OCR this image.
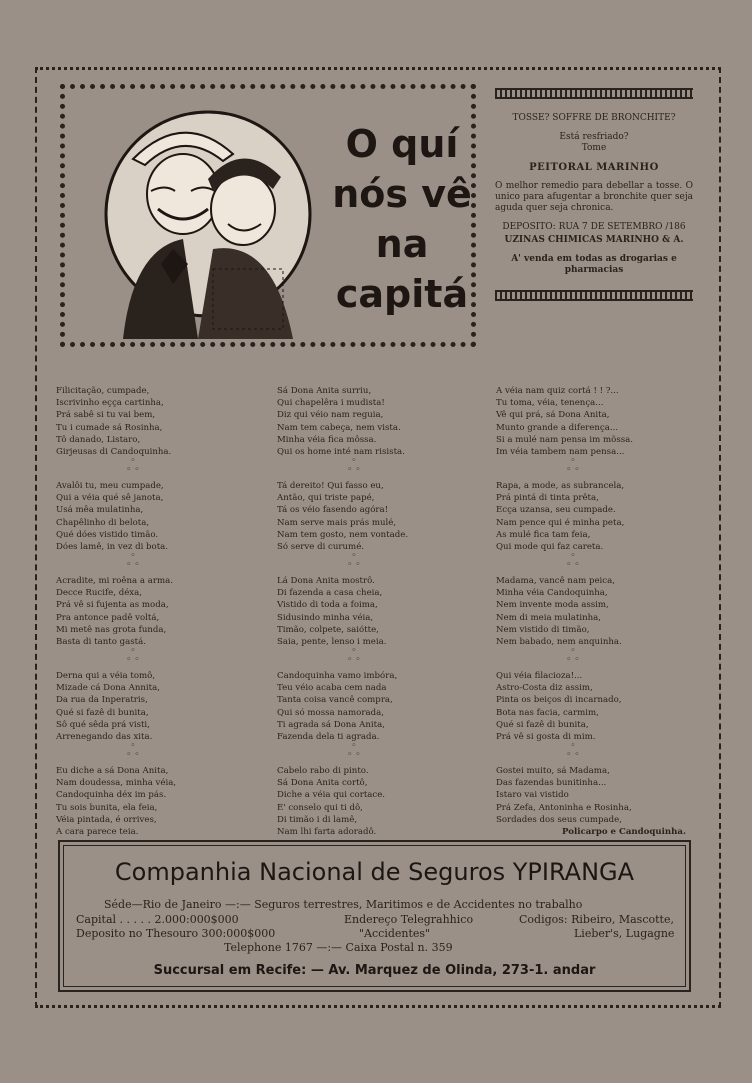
O quí
nós vê
na
capitá

TOSSE? SOFFRE DE BRONCHITE?

Está resfriado?

Tome

PEITORAL MARINHO

O melhor remedio para debellar a tosse. O unico para afugentar a bronchite quer seja aguda quer seja chronica.

DEPOSITO: RUA 7 DE SETEMBRO /186

UZINAS CHIMICAS MARINHO & A.

A' venda em todas as drogarias e pharmacias

Filicitação, cumpade,
Iscrivinho eçça cartinha,
Prá sabê si tu vai bem,
Tu i cumade sá Rosinha,
Tô danado, Listaro,
Girjeusas di Candoquinha.
◦
◦ ◦
Avalôi tu, meu cumpade,
Qui a véia qué sê janota,
Usá mêa mulatinha,
Chapêlinho di belota,
Qué dóes vistido timão.
Dóes lamê, in vez di bota.
◦
◦ ◦
Acradite, mi roêna a arma.
Decce Rucife, déxa,
Prá vê si fujenta as moda,
Pra antonce padê voltá,
Mi metê nas grota funda,
Basta di tanto gastá.
◦
◦ ◦
Derna qui a véia tomô,
Mizade cá Dona Annita,
Da rua da Inperatris,
Qué si fazê di bunita,
Sô qué sêda prá visti,
Arrenegando das xita.
◦
◦ ◦
Eu diche a sá Dona Anita,
Nam doudessa, minha véia,
Candoquinha déx im pás.
Tu sois bunita, ela feia,
Véia pintada, é orrives,
A cara parece teia.
Sá Dona Anita surriu,
Qui chapelêra i mudista!
Diz qui véio nam reguia,
Nam tem cabeça, nem vista.
Minha véia fica môssa.
Qui os home inté nam risista.
◦
◦ ◦
Tá dereito! Qui fasso eu,
Antão, qui triste papé,
Tá os véio fasendo agóra!
Nam serve mais prás mulé,
Nam tem gosto, nem vontade.
Só serve di curumé.
◦
◦ ◦
Lá Dona Anita mostrô.
Di fazenda a casa cheia,
Vistido di toda a foima,
Sidusindo minha véia,
Timão, colpete, saiótte,
Saia, pente, lenso i meia.
◦
◦ ◦
Candoquinha vamo imbóra,
Teu véio acaba cem nada
Tanta coisa vancê compra,
Qui só mossa namorada,
Ti agrada sá Dona Anita,
Fazenda dela ti agrada.
◦
◦ ◦
Cabelo rabo di pinto.
Sá Dona Anita cortô,
Diche a véia qui cortace.
E' conselo qui ti dô,
Di timão i di lamê,
Nam lhi farta adoradô.
A véia nam quiz cortá ! ! ?...
Tu toma, véia, tenença...
Vê qui prá, sá Dona Anita,
Munto grande a diferença...
Si a mulé nam pensa im mõssa.
Im véia tambem nam pensa...
◦
◦ ◦
Rapa, a mode, as subrancela,
Prá pintá di tinta prêta,
Ecça uzansa, seu cumpade.
Nam pence qui é minha peta,
As mulé fica tam feia,
Qui mode qui faz careta.
◦
◦ ◦
Madama, vancê nam peica,
Minha véia Candoquinha,
Nem invente moda assim,
Nem di meia mulatinha,
Nem vistido di timão,
Nem babado, nem anquinha.
◦
◦ ◦
Qui véia filacioza!...
Astro-Costa diz assim,
Pinta os beiços di incarnado,
Bota nas facia, carmim,
Qué si fazê di bunita,
Prá vê si gosta di mim.
◦
◦ ◦
Gostei muito, sá Madama,
Das fazendas bunitinha...
Istaro vai vistido
Prá Zefa, Antoninha e Rosinha,
Sordades dos seus cumpade,
Policarpo e Candoquinha.
Companhia Nacional de Seguros YPIRANGA
Séde—Rio de Janeiro —:— Seguros terrestres, Maritimos e de Accidentes no trabalho
Capital . . . . . 2.000:000$000
Deposito no Thesouro 300:000$000
Endereço Telegrahhico
"Accidentes"
Codigos: Ribeiro, Mascotte,
Lieber's, Lugagne
Telephone 1767 —:— Caixa Postal n. 359
Succursal em Recife: — Av. Marquez de Olinda, 273-1. andar
